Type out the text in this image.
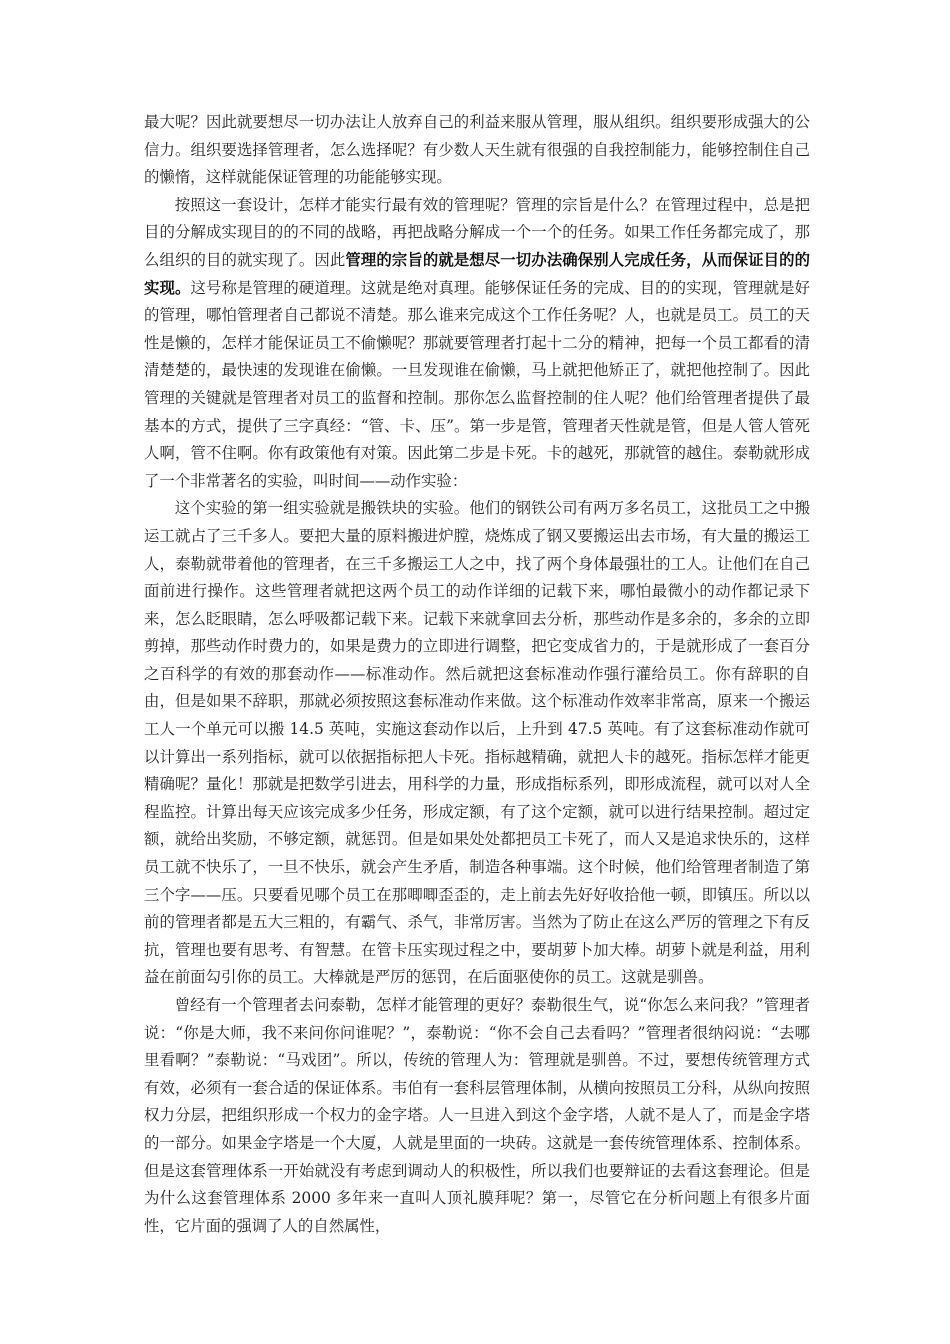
最大呢？因此就要想尽一切办法让人放弃自己的利益来服从管理，服从组织。组织要形成强大的公信力。组织要选择管理者，怎么选择呢？有少数人天生就有很强的自我控制能力，能够控制住自己的懒惰，这样就能保证管理的功能能够实现。

按照这一套设计，怎样才能实行最有效的管理呢？管理的宗旨是什么？在管理过程中，总是把目的分解成实现目的的不同的战略，再把战略分解成一个一个的任务。如果工作任务都完成了，那么组织的目的就实现了。因此管理的宗旨的就是想尽一切办法确保别人完成任务，从而保证目的的实现。这号称是管理的硬道理。这就是绝对真理。能够保证任务的完成、目的的实现，管理就是好的管理，哪怕管理者自己都说不清楚。那么谁来完成这个工作任务呢？人，也就是员工。员工的天性是懒的，怎样才能保证员工不偷懒呢？那就要管理者打起十二分的精神，把每一个员工都看的清清楚楚的，最快速的发现谁在偷懒。一旦发现谁在偷懒，马上就把他矫正了，就把他控制了。因此管理的关键就是管理者对员工的监督和控制。那你怎么监督控制的住人呢？他们给管理者提供了最基本的方式，提供了三字真经：“管、卡、压”。第一步是管，管理者天性就是管，但是人管人管死人啊，管不住啊。你有政策他有对策。因此第二步是卡死。卡的越死，那就管的越住。泰勒就形成了一个非常著名的实验，叫时间——动作实验：

这个实验的第一组实验就是搬铁块的实验。他们的钢铁公司有两万多名员工，这批员工之中搬运工就占了三千多人。要把大量的原料搬进炉膛，烧炼成了钢又要搬运出去市场，有大量的搬运工人，泰勒就带着他的管理者，在三千多搬运工人之中，找了两个身体最强壮的工人。让他们在自己面前进行操作。这些管理者就把这两个员工的动作详细的记载下来，哪怕最微小的动作都记录下来，怎么眨眼睛，怎么呼吸都记载下来。记载下来就拿回去分析，那些动作是多余的，多余的立即剪掉，那些动作时费力的，如果是费力的立即进行调整，把它变成省力的，于是就形成了一套百分之百科学的有效的那套动作——标准动作。然后就把这套标准动作强行灌给员工。你有辞职的自由，但是如果不辞职，那就必须按照这套标准动作来做。这个标准动作效率非常高，原来一个搬运工人一个单元可以搬 14.5 英吨，实施这套动作以后，上升到 47.5 英吨。有了这套标准动作就可以计算出一系列指标，就可以依据指标把人卡死。指标越精确，就把人卡的越死。指标怎样才能更精确呢？量化！那就是把数学引进去，用科学的力量，形成指标系列，即形成流程，就可以对人全程监控。计算出每天应该完成多少任务，形成定额，有了这个定额，就可以进行结果控制。超过定额，就给出奖励，不够定额，就惩罚。但是如果处处都把员工卡死了，而人又是追求快乐的，这样员工就不快乐了，一旦不快乐，就会产生矛盾，制造各种事端。这个时候，他们给管理者制造了第三个字——压。只要看见哪个员工在那唧唧歪歪的，走上前去先好好收拾他一顿，即镇压。所以以前的管理者都是五大三粗的，有霸气、杀气，非常厉害。当然为了防止在这么严厉的管理之下有反抗，管理也要有思考、有智慧。在管卡压实现过程之中，要胡萝卜加大棒。胡萝卜就是利益，用利益在前面勾引你的员工。大棒就是严厉的惩罚，在后面驱使你的员工。这就是驯兽。

曾经有一个管理者去问泰勒，怎样才能管理的更好？泰勒很生气，说“你怎么来问我？”管理者说：“你是大师，我不来问你问谁呢？”，泰勒说：“你不会自己去看吗？”管理者很纳闷说：“去哪里看啊？”泰勒说：“马戏团”。所以，传统的管理人为：管理就是驯兽。不过，要想传统管理方式有效，必须有一套合适的保证体系。韦伯有一套科层管理体制，从横向按照员工分科，从纵向按照权力分层，把组织形成一个权力的金字塔。人一旦进入到这个金字塔，人就不是人了，而是金字塔的一部分。如果金字塔是一个大厦，人就是里面的一块砖。这就是一套传统管理体系、控制体系。但是这套管理体系一开始就没有考虑到调动人的积极性，所以我们也要辩证的去看这套理论。但是为什么这套管理体系 2000 多年来一直叫人顶礼膜拜呢？第一，尽管它在分析问题上有很多片面性，它片面的强调了人的自然属性，
